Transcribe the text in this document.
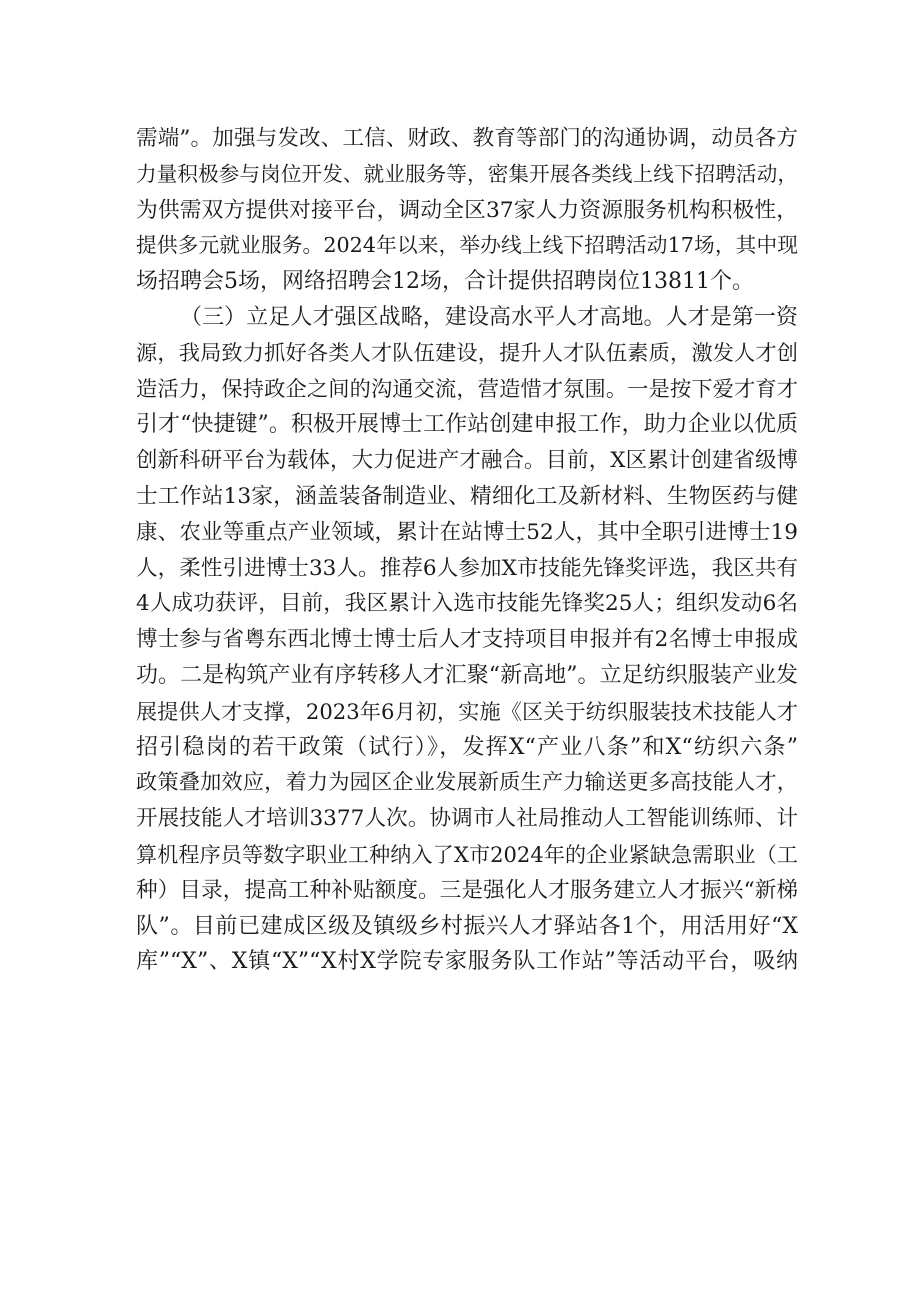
需端”。加强与发改、工信、财政、教育等部门的沟通协调，动员各方
力量积极参与岗位开发、就业服务等，密集开展各类线上线下招聘活动，
为供需双方提供对接平台，调动全区37家人力资源服务机构积极性，
提供多元就业服务。2024年以来，举办线上线下招聘活动17场，其中现
场招聘会5场，网络招聘会12场，合计提供招聘岗位13811个。
（三）立足人才强区战略，建设高水平人才高地。人才是第一资
源，我局致力抓好各类人才队伍建设，提升人才队伍素质，激发人才创
造活力，保持政企之间的沟通交流，营造惜才氛围。一是按下爱才育才
引才“快捷键”。积极开展博士工作站创建申报工作，助力企业以优质
创新科研平台为载体，大力促进产才融合。目前，X区累计创建省级博
士工作站13家，涵盖装备制造业、精细化工及新材料、生物医药与健
康、农业等重点产业领域，累计在站博士52人，其中全职引进博士19
人，柔性引进博士33人。推荐6人参加X市技能先锋奖评选，我区共有
4人成功获评，目前，我区累计入选市技能先锋奖25人；组织发动6名
博士参与省粤东西北博士博士后人才支持项目申报并有2名博士申报成
功。二是构筑产业有序转移人才汇聚“新高地”。立足纺织服装产业发
展提供人才支撑，2023年6月初，实施《区关于纺织服装技术技能人才
招引稳岗的若干政策（试行）》，发挥X“产业八条”和X“纺织六条”
政策叠加效应，着力为园区企业发展新质生产力输送更多高技能人才，
开展技能人才培训3377人次。协调市人社局推动人工智能训练师、计
算机程序员等数字职业工种纳入了X市2024年的企业紧缺急需职业（工
种）目录，提高工种补贴额度。三是强化人才服务建立人才振兴“新梯
队”。目前已建成区级及镇级乡村振兴人才驿站各1个，用活用好“X
库”“X”、X镇“X”“X村X学院专家服务队工作站”等活动平台，吸纳
